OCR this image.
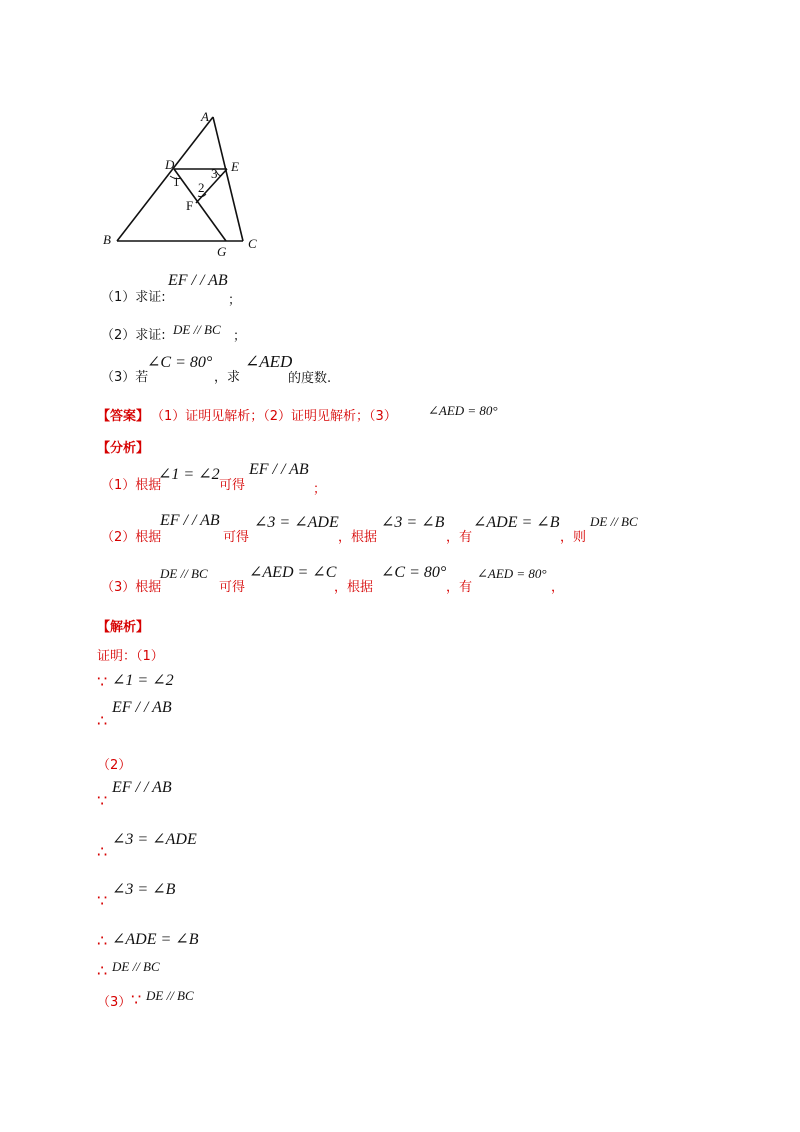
A
D	E
B
G
C
F
1 2
3
（1）求证:
EF / / AB
；
（2）求证: DE // BC ；
（3）若
∠C = 80°
，求
∠AED
的度数.
【答案】 （1）证明见解析；（2）证明见解析；（3） ∠AED = 80°
【分析】
（1）根据
∠1 = ∠2
可得
EF / / AB
；
（2）根据
EF / / AB
可得
∠3 = ∠ADE
，根据
∠3 = ∠B
，有
∠ADE = ∠B
，则
DE // BC
（3）根据
DE // BC
可得
∠AED = ∠C
，根据
∠C = 80°
，有
∠AED = 80°
，
【解析】
证明：（1）
∵ ∠1 = ∠2
∴
EF / / AB
（2）
∵
EF / / AB
∴
∠3 = ∠ADE
∵
∠3 = ∠B
∴ ∠ADE = ∠B
∴ DE // BC
（3） ∵ DE // BC
